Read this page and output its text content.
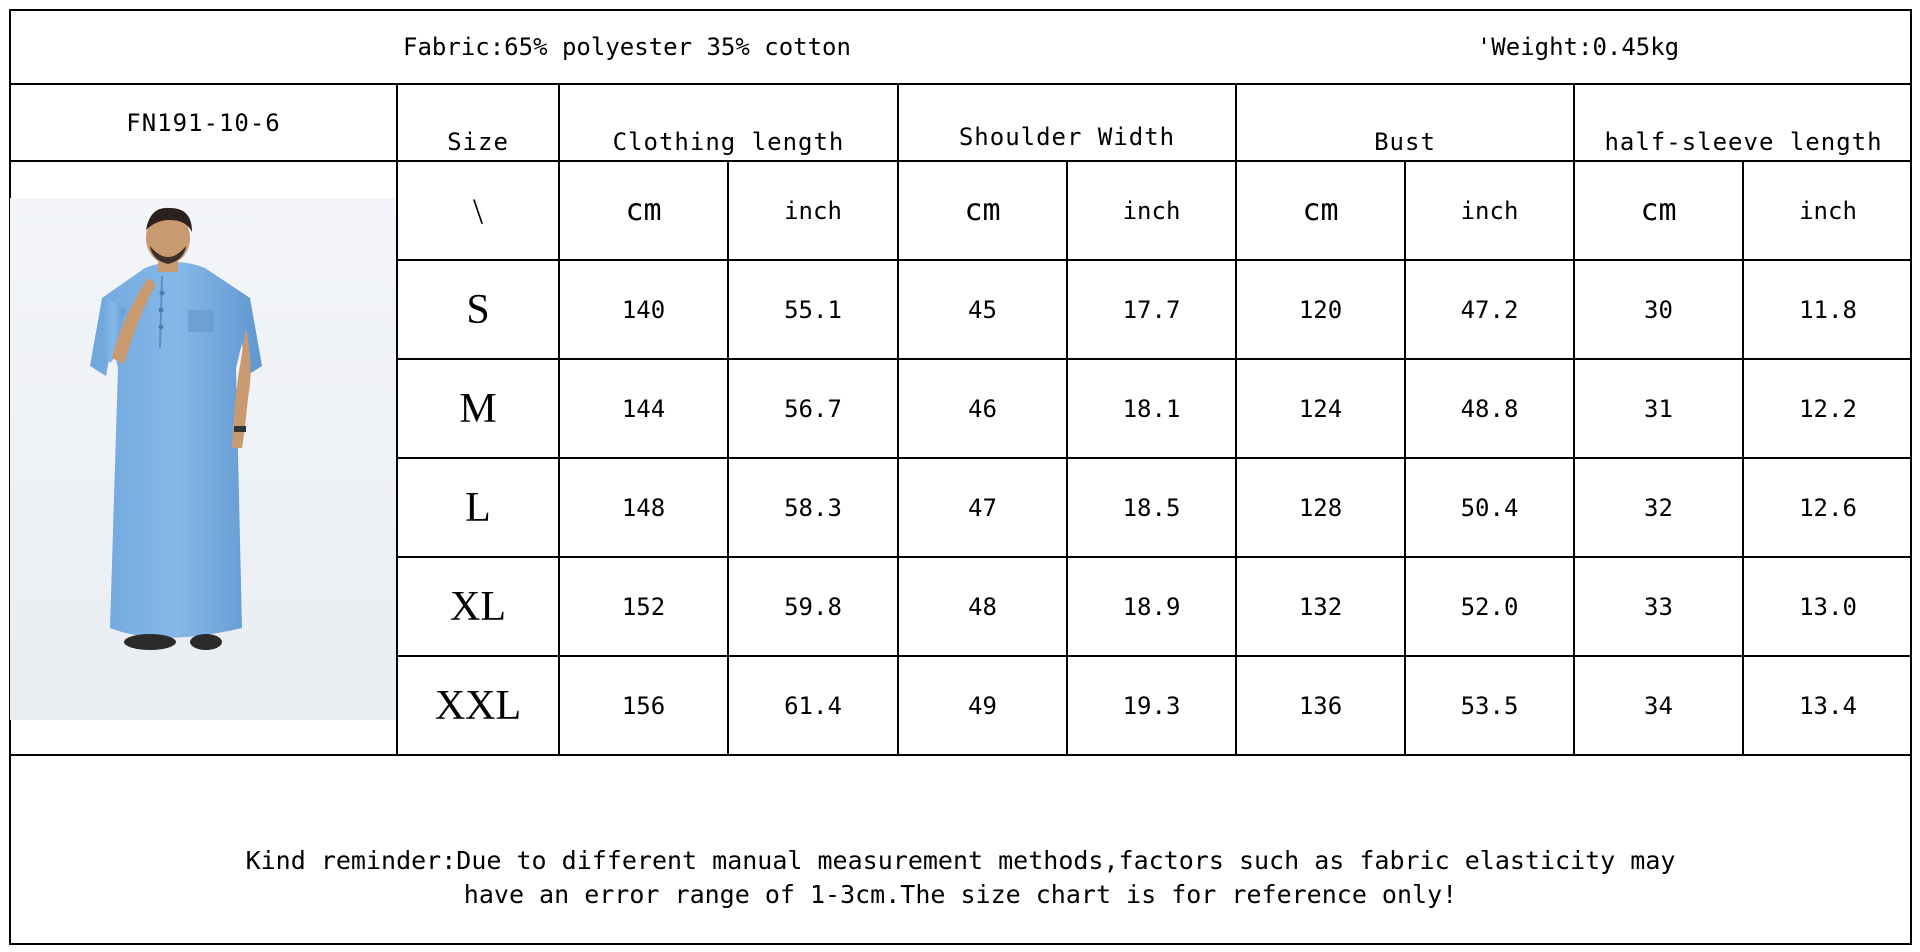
Fabric:65% polyester 35% cotton	'Weight:0.45kg
FN191-10-6
Size	Clothing length	Shoulder Width	Bust	half-sleeve length
\	cm	inch	cm	inch	cm	inch	cm	inch
S	140	55.1	45	17.7	120	47.2	30	11.8
M	144	56.7	46	18.1	124	48.8	31	12.2
L	148	58.3	47	18.5	128	50.4	32	12.6
XL	152	59.8	48	18.9	132	52.0	33	13.0
XXL	156	61.4	49	19.3	136	53.5	34	13.4
Kind reminder:Due to different manual measurement methods,factors such as fabric elasticity may
have an error range of 1-3cm.The size chart is for reference only!
